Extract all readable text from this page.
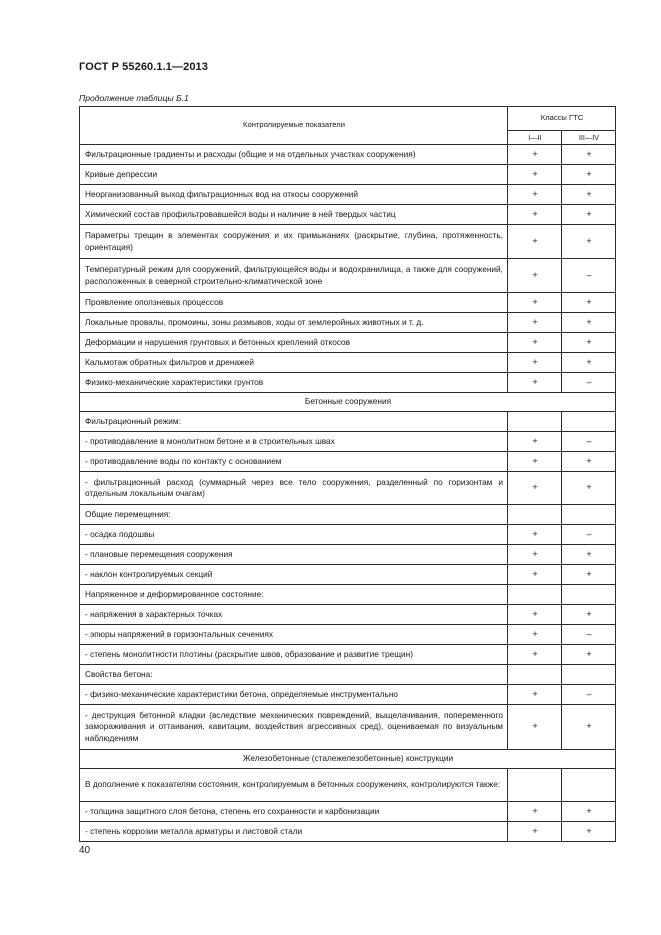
ГОСТ Р 55260.1.1—2013
Продолжение таблицы Б.1
Контролируемые показатели	Классы ГТС	
	I—II	III—IV
Фильтрационные градиенты и расходы (общие и на отдельных участках сооружения)	+	+
Кривые депрессии	+	+
Неорганизованный выход фильтрационных вод на откосы сооружений	+	+
Химический состав профильтровавшейся воды и наличие в ней твердых частиц	+	+
Параметры трещин в элементах сооружения и их примыканиях (раскрытие, глубина, протяженность, ориентация)	+	+
Температурный режим для сооружений, фильтрующейся воды и водохранилища, а также для сооружений, расположенных в северной строительно-климатической зоне	+	–
Проявление оползневых процессов	+	+
Локальные провалы, промоины, зоны размывов, ходы от землеройных животных и т. д.	+	+
Деформации и нарушения грунтовых и бетонных креплений откосов	+	+
Кальмотаж обратных фильтров и дренажей	+	+
Физико-механические характеристики грунтов	+	–
Бетонные сооружения		
Фильтрационный режим:		
- противодавление в монолитном бетоне и в строительных швах	+	–
- противодавление воды по контакту с основанием	+	+
- фильтрационный расход (суммарный через все тело сооружения, разделенный по горизонтам и отдельным локальным очагам)	+	+
Общие перемещения:		
- осадка подошвы	+	–
- плановые перемещения сооружения	+	+
- наклон контролируемых секций	+	+
Напряженное и деформированное состояние:		
- напряжения в характерных точках	+	+
- эпюры напряжений в горизонтальных сечениях	+	–
- степень монолитности плотины (раскрытие швов, образование и развитие трещин)	+	+
Свойства бетона:		
- физико-механические характеристики бетона, определяемые инструментально	+	–
- деструкция бетонной кладки (вследствие механических повреждений, выщелачивания, попеременного замораживания и оттаивания, кавитации, воздействия агрессивных сред), оцениваемая по визуальным наблюдениям	+	+
Железобетонные (сталежелезобетонные) конструкции		
В дополнение к показателям состояния, контролируемым в бетонных сооружениях, контролируются также:		
- толщина защитного слоя бетона, степень его сохранности и карбонизации	+	+
- степень коррозии металла арматуры и листовой стали	+	+
40
